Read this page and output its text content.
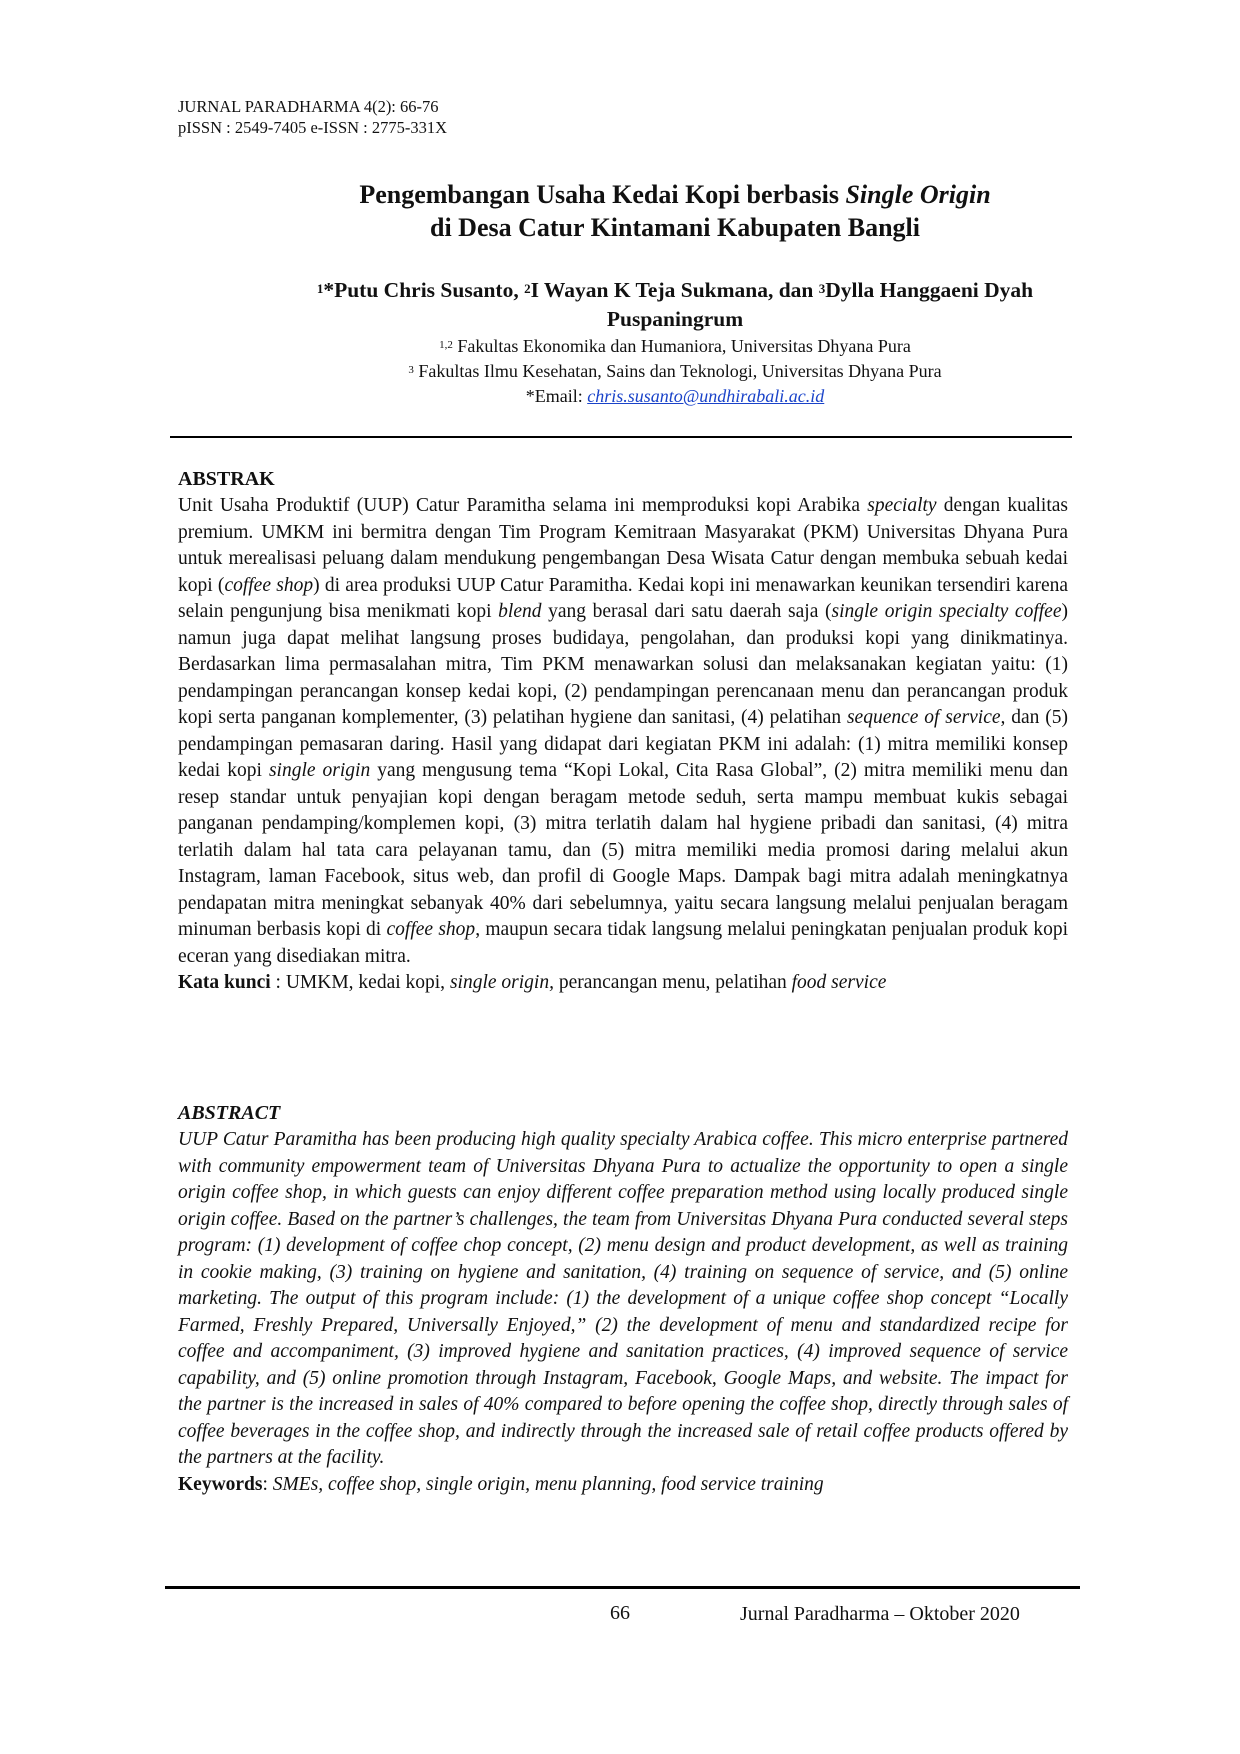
JURNAL PARADHARMA 4(2): 66-76
pISSN : 2549-7405 e-ISSN : 2775-331X
Pengembangan Usaha Kedai Kopi berbasis Single Origin
di Desa Catur Kintamani Kabupaten Bangli
$^1$*Putu Chris Susanto, $^2$I Wayan K Teja Sukmana, dan $^3$Dylla Hanggaeni Dyah
Puspaningrum
$^{1,2}$ Fakultas Ekonomika dan Humaniora, Universitas Dhyana Pura
$^3$ Fakultas Ilmu Kesehatan, Sains dan Teknologi, Universitas Dhyana Pura
*Email: chris.susanto@undhirabali.ac.id
ABSTRAK

Unit Usaha Produktif (UUP) Catur Paramitha selama ini memproduksi kopi Arabika specialty dengan kualitas premium. UMKM ini bermitra dengan Tim Program Kemitraan Masyarakat (PKM) Universitas Dhyana Pura untuk merealisasi peluang dalam mendukung pengembangan Desa Wisata Catur dengan membuka sebuah kedai kopi (coffee shop) di area produksi UUP Catur Paramitha. Kedai kopi ini menawarkan keunikan tersendiri karena selain pengunjung bisa menikmati kopi blend yang berasal dari satu daerah saja (single origin specialty coffee) namun juga dapat melihat langsung proses budidaya, pengolahan, dan produksi kopi yang dinikmatinya. Berdasarkan lima permasalahan mitra, Tim PKM menawarkan solusi dan melaksanakan kegiatan yaitu: (1) pendampingan perancangan konsep kedai kopi, (2) pendampingan perencanaan menu dan perancangan produk kopi serta panganan komplementer, (3) pelatihan hygiene dan sanitasi, (4) pelatihan sequence of service, dan (5) pendampingan pemasaran daring. Hasil yang didapat dari kegiatan PKM ini adalah: (1) mitra memiliki konsep kedai kopi single origin yang mengusung tema “Kopi Lokal, Cita Rasa Global”, (2) mitra memiliki menu dan resep standar untuk penyajian kopi dengan beragam metode seduh, serta mampu membuat kukis sebagai panganan pendamping/komplemen kopi, (3) mitra terlatih dalam hal hygiene pribadi dan sanitasi, (4) mitra terlatih dalam hal tata cara pelayanan tamu, dan (5) mitra memiliki media promosi daring melalui akun Instagram, laman Facebook, situs web, dan profil di Google Maps. Dampak bagi mitra adalah meningkatnya pendapatan mitra meningkat sebanyak 40% dari sebelumnya, yaitu secara langsung melalui penjualan beragam minuman berbasis kopi di coffee shop, maupun secara tidak langsung melalui peningkatan penjualan produk kopi eceran yang disediakan mitra.

Kata kunci : UMKM, kedai kopi, single origin, perancangan menu, pelatihan food service

ABSTRACT

UUP Catur Paramitha has been producing high quality specialty Arabica coffee. This micro enterprise partnered with community empowerment team of Universitas Dhyana Pura to actualize the opportunity to open a single origin coffee shop, in which guests can enjoy different coffee preparation method using locally produced single origin coffee. Based on the partner’s challenges, the team from Universitas Dhyana Pura conducted several steps program: (1) development of coffee chop concept, (2) menu design and product development, as well as training in cookie making, (3) training on hygiene and sanitation, (4) training on sequence of service, and (5) online marketing. The output of this program include: (1) the development of a unique coffee shop concept “Locally Farmed, Freshly Prepared, Universally Enjoyed,” (2) the development of menu and standardized recipe for coffee and accompaniment, (3) improved hygiene and sanitation practices, (4) improved sequence of service capability, and (5) online promotion through Instagram, Facebook, Google Maps, and website. The impact for the partner is the increased in sales of 40% compared to before opening the coffee shop, directly through sales of coffee beverages in the coffee shop, and indirectly through the increased sale of retail coffee products offered by the partners at the facility.

Keywords: SMEs, coffee shop, single origin, menu planning, food service training

66	Jurnal Paradharma – Oktober 2020
